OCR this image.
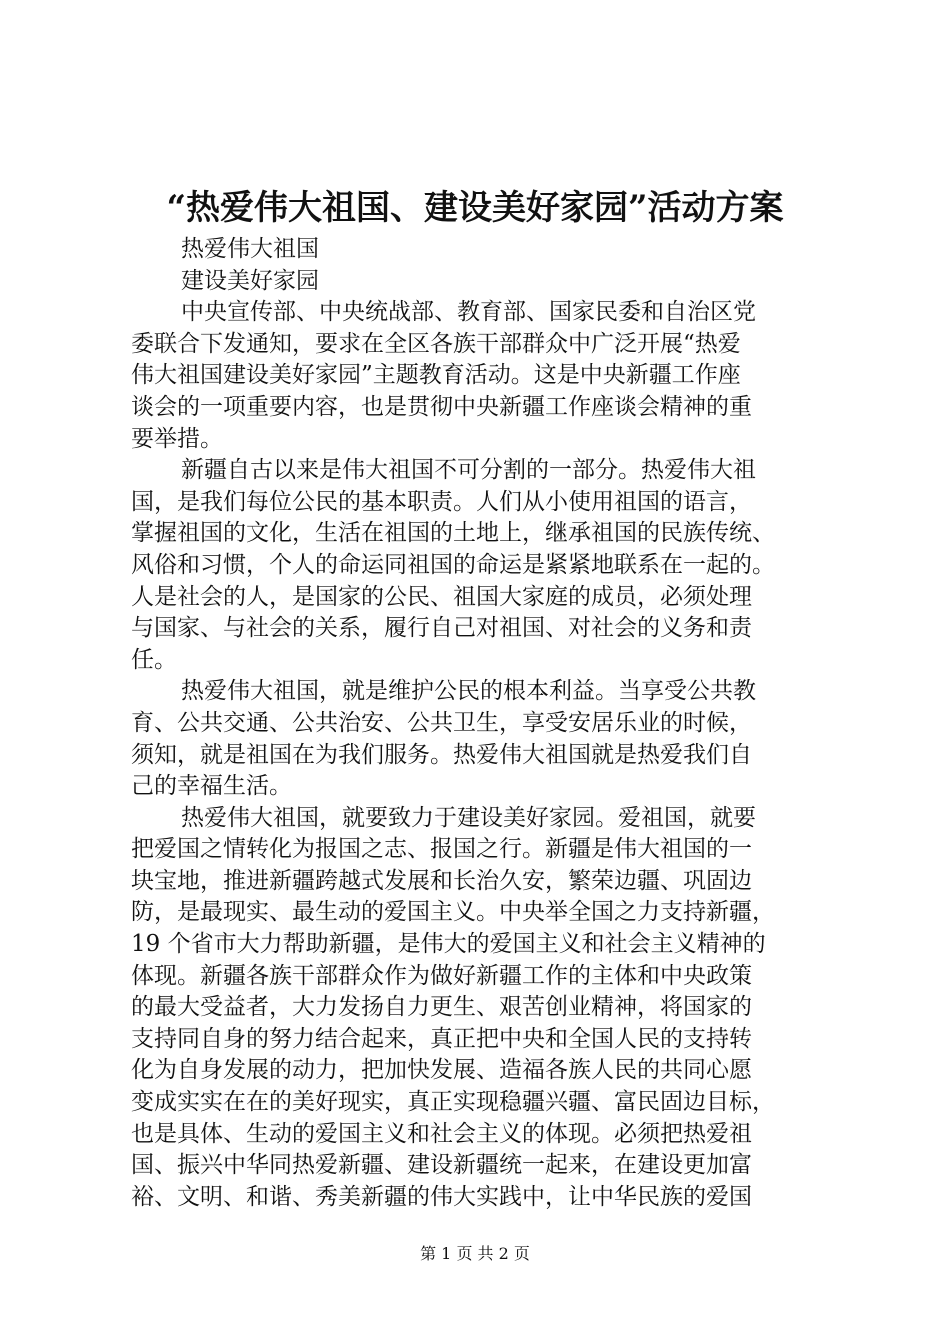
“热爱伟大祖国、建设美好家园”活动方案

热爱伟大祖国

建设美好家园

中央宣传部、中央统战部、教育部、国家民委和自治区党

委联合下发通知，要求在全区各族干部群众中广泛开展“热爱

伟大祖国建设美好家园”主题教育活动。这是中央新疆工作座

谈会的一项重要内容，也是贯彻中央新疆工作座谈会精神的重

要举措。

新疆自古以来是伟大祖国不可分割的一部分。热爱伟大祖

国，是我们每位公民的基本职责。人们从小使用祖国的语言，

掌握祖国的文化，生活在祖国的土地上，继承祖国的民族传统、

风俗和习惯，个人的命运同祖国的命运是紧紧地联系在一起的。

人是社会的人，是国家的公民、祖国大家庭的成员，必须处理

与国家、与社会的关系，履行自己对祖国、对社会的义务和责

任。

热爱伟大祖国，就是维护公民的根本利益。当享受公共教

育、公共交通、公共治安、公共卫生，享受安居乐业的时候，

须知，就是祖国在为我们服务。热爱伟大祖国就是热爱我们自

己的幸福生活。

热爱伟大祖国，就要致力于建设美好家园。爱祖国，就要

把爱国之情转化为报国之志、报国之行。新疆是伟大祖国的一

块宝地，推进新疆跨越式发展和长治久安，繁荣边疆、巩固边

防，是最现实、最生动的爱国主义。中央举全国之力支持新疆，

19 个省市大力帮助新疆，是伟大的爱国主义和社会主义精神的

体现。新疆各族干部群众作为做好新疆工作的主体和中央政策

的最大受益者，大力发扬自力更生、艰苦创业精神，将国家的

支持同自身的努力结合起来，真正把中央和全国人民的支持转

化为自身发展的动力，把加快发展、造福各族人民的共同心愿

变成实实在在的美好现实，真正实现稳疆兴疆、富民固边目标，

也是具体、生动的爱国主义和社会主义的体现。必须把热爱祖

国、振兴中华同热爱新疆、建设新疆统一起来，在建设更加富

裕、文明、和谐、秀美新疆的伟大实践中，让中华民族的爱国

第 1 页 共 2 页
